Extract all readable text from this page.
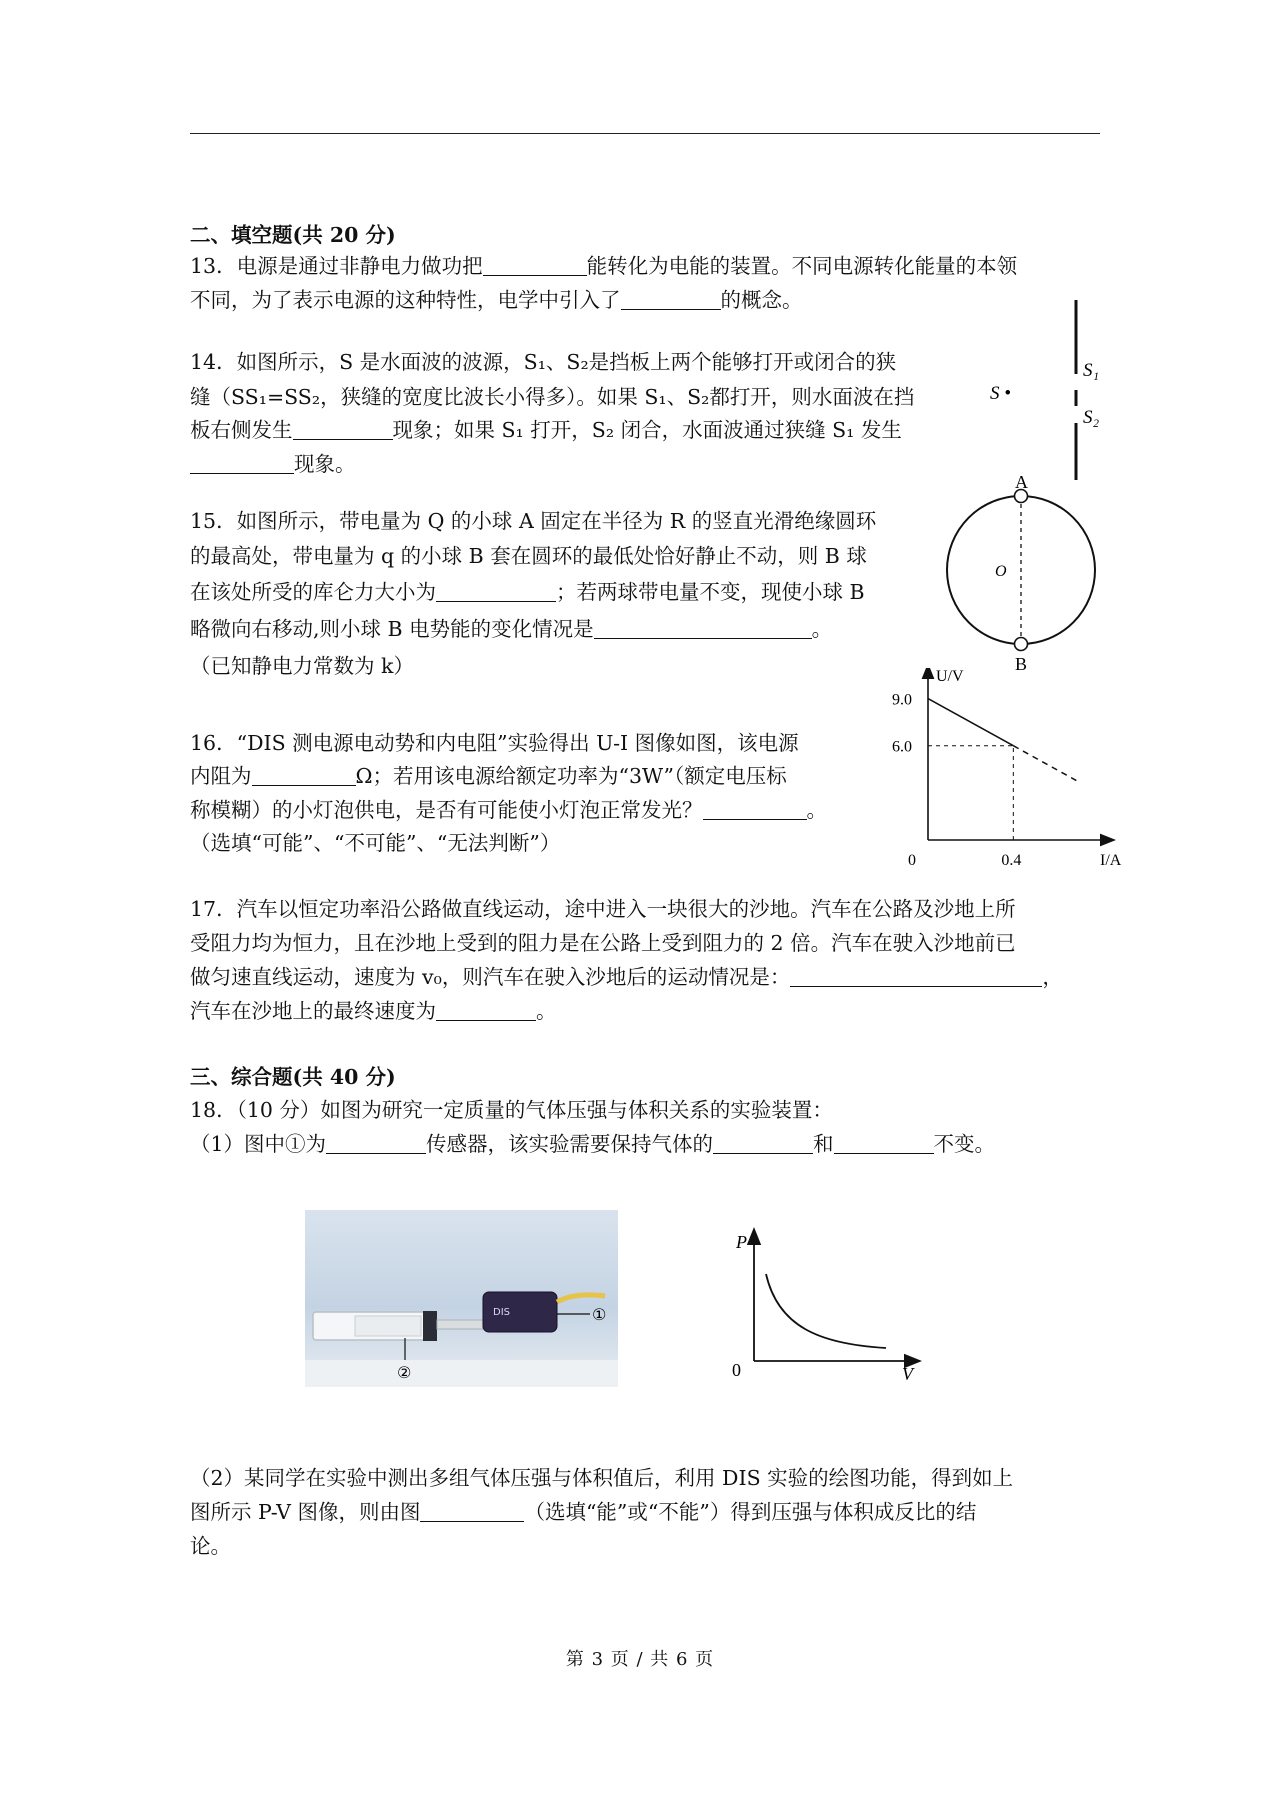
二、填空题(共 20 分)
13．电源是通过非静电力做功把	能转化为电能的装置。不同电源转化能量的本领
不同，为了表示电源的这种特性，电学中引入了	的概念。
14．如图所示，S 是水面波的波源，S₁、S₂是挡板上两个能够打开或闭合的狭
缝（SS₁=SS₂，狭缝的宽度比波长小得多）。如果 S₁、S₂都打开，则水面波在挡
板右侧发生	现象；如果 S₁ 打开，S₂ 闭合，水面波通过狭缝 S₁ 发生
现象。
S •
S₁
S₂
15．如图所示，带电量为 Q 的小球 A 固定在半径为 R 的竖直光滑绝缘圆环
的最高处，带电量为 q 的小球 B 套在圆环的最低处恰好静止不动，则 B 球
在该处所受的库仑力大小为	；若两球带电量不变，现使小球 B
略微向右移动,则小球 B 电势能的变化情况是	。
（已知静电力常数为 k）
A
B
O
16．“DIS 测电源电动势和内电阻”实验得出 U-I 图像如图，该电源
内阻为	Ω；若用该电源给额定功率为“3W”（额定电压标
称模糊）的小灯泡供电，是否有可能使小灯泡正常发光？	。
（选填“可能”、“不可能”、“无法判断”）
9.0
6.0
0.4
U/V
I/A
0
17．汽车以恒定功率沿公路做直线运动，途中进入一块很大的沙地。汽车在公路及沙地上所
受阻力均为恒力，且在沙地上受到的阻力是在公路上受到阻力的 2 倍。汽车在驶入沙地前已
做匀速直线运动，速度为 v₀，则汽车在驶入沙地后的运动情况是：	，
汽车在沙地上的最终速度为	。
三、综合题(共 40 分)
18．（10 分）如图为研究一定质量的气体压强与体积关系的实验装置：
（1）图中①为	传感器，该实验需要保持气体的	和	不变。
DIS	①
②
P
V
0
（2）某同学在实验中测出多组气体压强与体积值后，利用 DIS 实验的绘图功能，得到如上
图所示 P-V 图像，则由图	（选填“能”或“不能”）得到压强与体积成反比的结
论。
第 3 页 / 共 6 页
